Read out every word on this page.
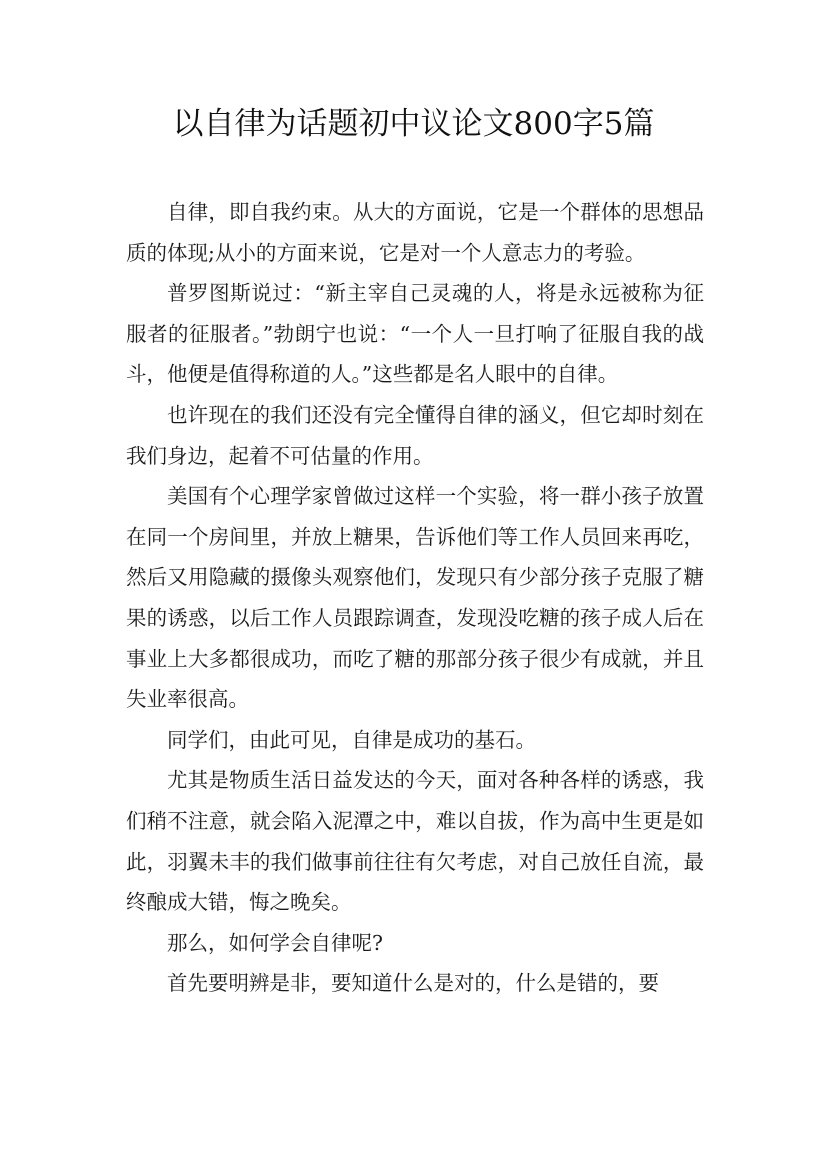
以自律为话题初中议论文800字5篇

自律，即自我约束。从大的方面说，它是一个群体的思想品质的体现;从小的方面来说，它是对一个人意志力的考验。

普罗图斯说过：“新主宰自己灵魂的人，将是永远被称为征服者的征服者。”勃朗宁也说：“一个人一旦打响了征服自我的战斗，他便是值得称道的人。”这些都是名人眼中的自律。

也许现在的我们还没有完全懂得自律的涵义，但它却时刻在我们身边，起着不可估量的作用。

美国有个心理学家曾做过这样一个实验，将一群小孩子放置在同一个房间里，并放上糖果，告诉他们等工作人员回来再吃，然后又用隐藏的摄像头观察他们，发现只有少部分孩子克服了糖果的诱惑，以后工作人员跟踪调查，发现没吃糖的孩子成人后在事业上大多都很成功，而吃了糖的那部分孩子很少有成就，并且失业率很高。

同学们，由此可见，自律是成功的基石。

尤其是物质生活日益发达的今天，面对各种各样的诱惑，我们稍不注意，就会陷入泥潭之中，难以自拔，作为高中生更是如此，羽翼未丰的我们做事前往往有欠考虑，对自己放任自流，最终酿成大错，悔之晚矣。

那么，如何学会自律呢?

首先要明辨是非，要知道什么是对的，什么是错的，要
